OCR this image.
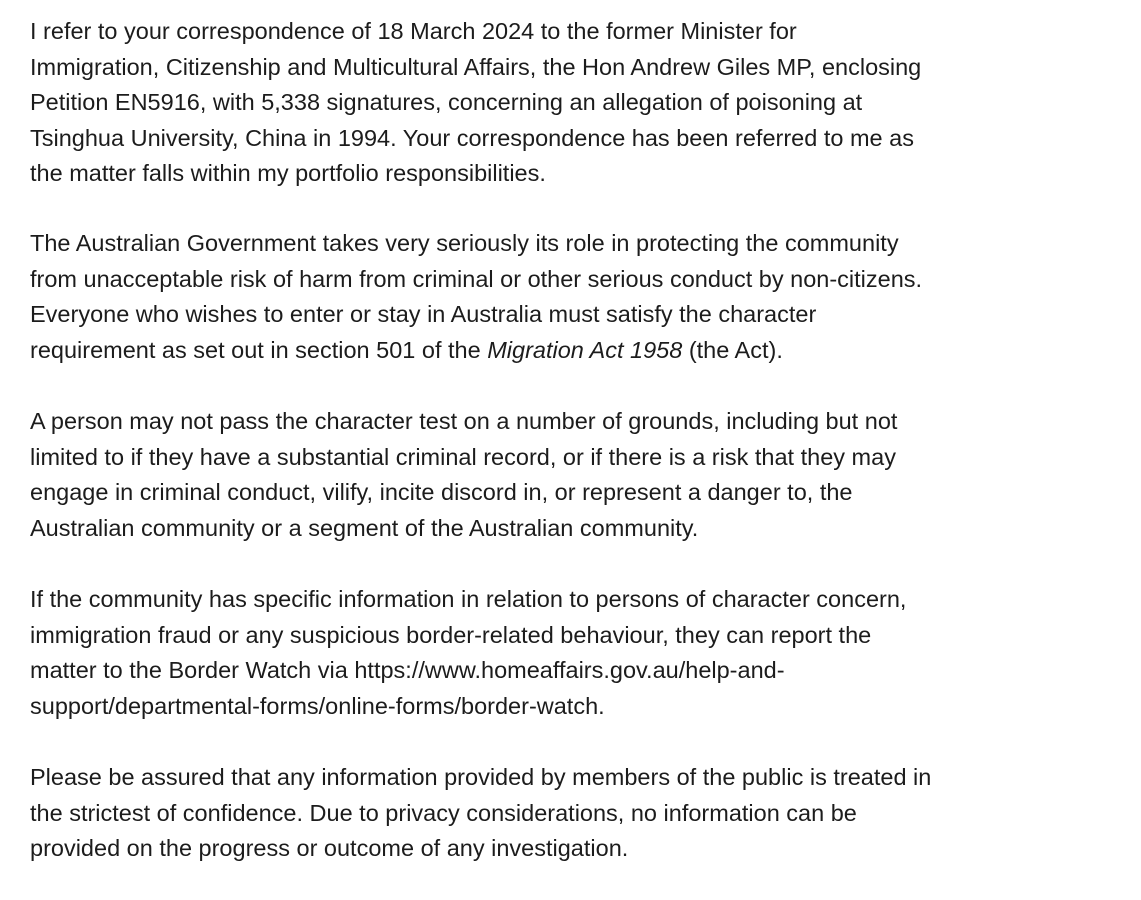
I refer to your correspondence of 18 March 2024 to the former Minister for
Immigration, Citizenship and Multicultural Affairs, the Hon Andrew Giles MP, enclosing
Petition EN5916, with 5,338 signatures, concerning an allegation of poisoning at
Tsinghua University, China in 1994. Your correspondence has been referred to me as
the matter falls within my portfolio responsibilities.

The Australian Government takes very seriously its role in protecting the community
from unacceptable risk of harm from criminal or other serious conduct by non-citizens.
Everyone who wishes to enter or stay in Australia must satisfy the character
requirement as set out in section 501 of the Migration Act 1958 (the Act).

A person may not pass the character test on a number of grounds, including but not
limited to if they have a substantial criminal record, or if there is a risk that they may
engage in criminal conduct, vilify, incite discord in, or represent a danger to, the
Australian community or a segment of the Australian community.

If the community has specific information in relation to persons of character concern,
immigration fraud or any suspicious border-related behaviour, they can report the
matter to the Border Watch via https://www.homeaffairs.gov.au/help-and-
support/departmental-forms/online-forms/border-watch.

Please be assured that any information provided by members of the public is treated in
the strictest of confidence. Due to privacy considerations, no information can be
provided on the progress or outcome of any investigation.
